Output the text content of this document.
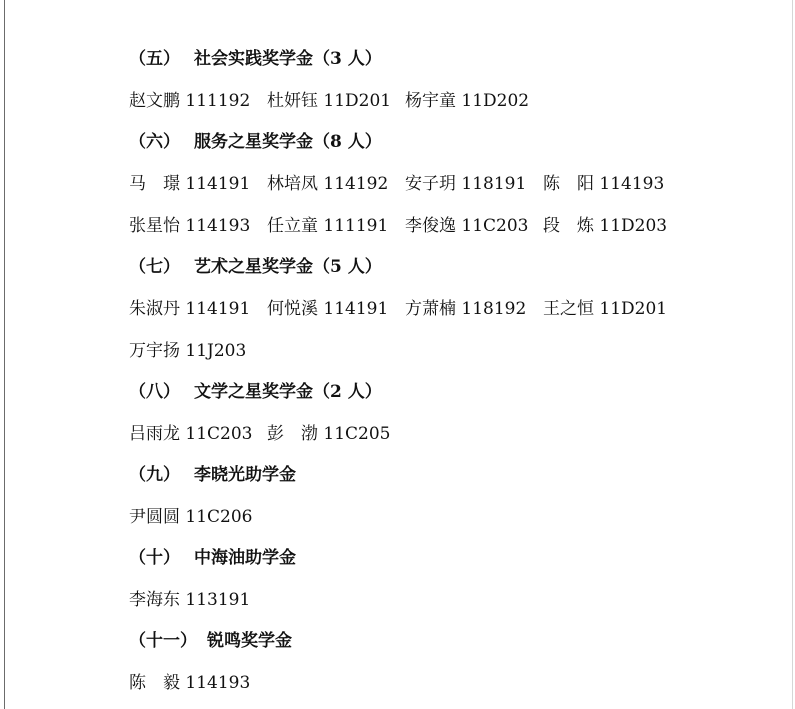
（五） 社会实践奖学金（3 人）
赵文鹏 111192 杜妍钰 11D201 杨宇童 11D202
（六） 服务之星奖学金（8 人）
马　璟 114191 林培凤 114192 安子玥 118191 陈　阳 114193
张星怡 114193 任立童 111191 李俊逸 11C203 段　炼 11D203
（七） 艺术之星奖学金（5 人）
朱淑丹 114191 何悦溪 114191 方萧楠 118192 王之恒 11D201
万宇扬 11J203
（八） 文学之星奖学金（2 人）
吕雨龙 11C203 彭　渤 11C205
（九） 李晓光助学金
尹圆圆 11C206
（十） 中海油助学金
李海东 113191
（十一） 锐鸣奖学金
陈　毅 114193
